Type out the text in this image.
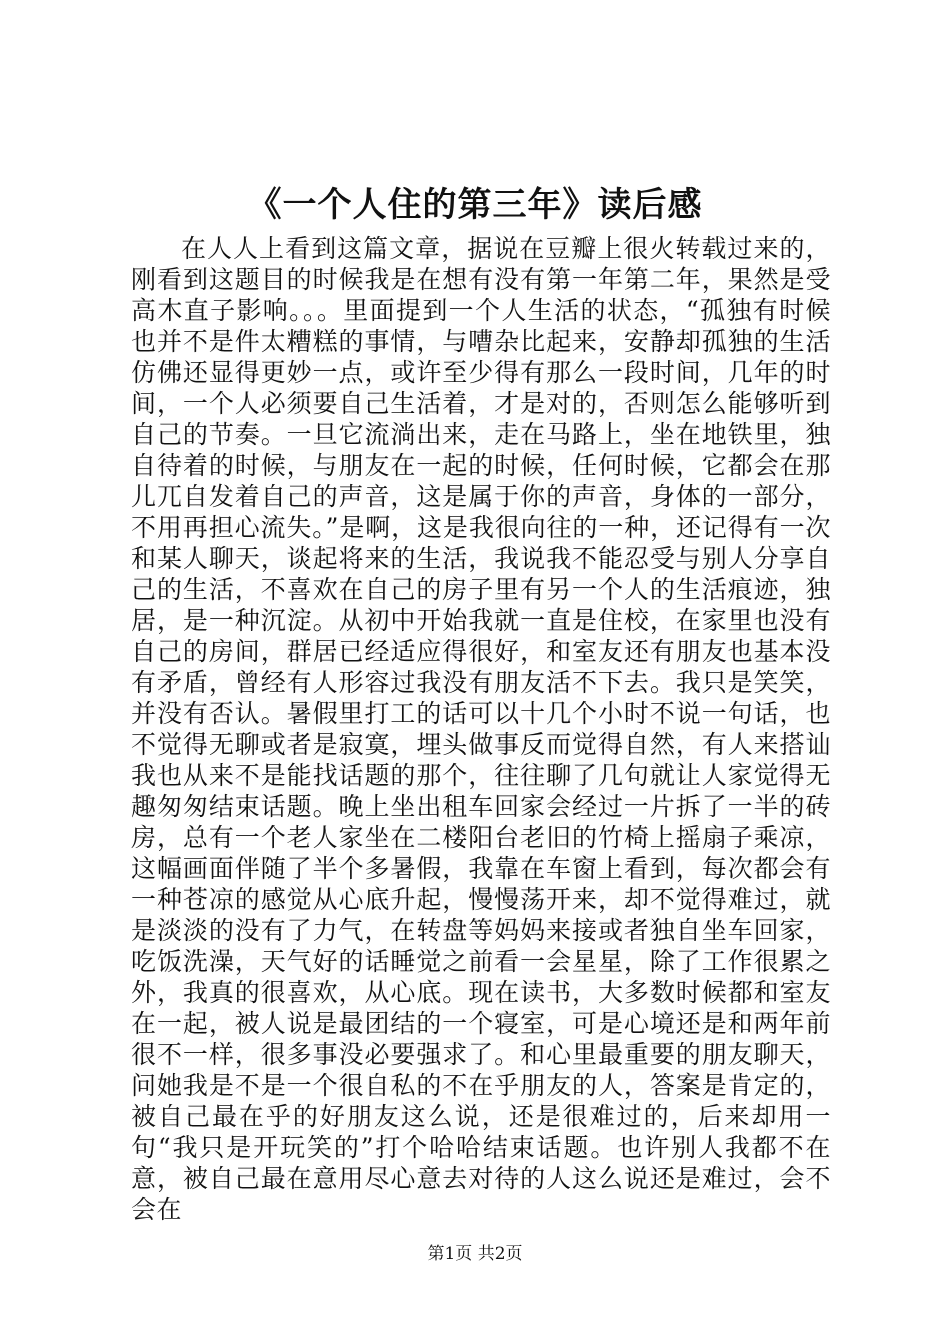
《一个人住的第三年》读后感

在人人上看到这篇文章，据说在豆瓣上很火转载过来的，刚看到这题目的时候我是在想有没有第一年第二年，果然是受高木直子影响。。。里面提到一个人生活的状态，“孤独有时候也并不是件太糟糕的事情，与嘈杂比起来，安静却孤独的生活仿佛还显得更妙一点，或许至少得有那么一段时间，几年的时间，一个人必须要自己生活着，才是对的，否则怎么能够听到自己的节奏。一旦它流淌出来，走在马路上，坐在地铁里，独自待着的时候，与朋友在一起的时候，任何时候，它都会在那儿兀自发着自己的声音，这是属于你的声音，身体的一部分，不用再担心流失。”是啊，这是我很向往的一种，还记得有一次和某人聊天，谈起将来的生活，我说我不能忍受与别人分享自己的生活，不喜欢在自己的房子里有另一个人的生活痕迹，独居，是一种沉淀。从初中开始我就一直是住校，在家里也没有自己的房间，群居已经适应得很好，和室友还有朋友也基本没有矛盾，曾经有人形容过我没有朋友活不下去。我只是笑笑，并没有否认。暑假里打工的话可以十几个小时不说一句话，也不觉得无聊或者是寂寞，埋头做事反而觉得自然，有人来搭讪我也从来不是能找话题的那个，往往聊了几句就让人家觉得无趣匆匆结束话题。晚上坐出租车回家会经过一片拆了一半的砖房，总有一个老人家坐在二楼阳台老旧的竹椅上摇扇子乘凉，这幅画面伴随了半个多暑假，我靠在车窗上看到，每次都会有一种苍凉的感觉从心底升起，慢慢荡开来，却不觉得难过，就是淡淡的没有了力气，在转盘等妈妈来接或者独自坐车回家，吃饭洗澡，天气好的话睡觉之前看一会星星，除了工作很累之外，我真的很喜欢，从心底。现在读书，大多数时候都和室友在一起，被人说是最团结的一个寝室，可是心境还是和两年前很不一样，很多事没必要强求了。和心里最重要的朋友聊天，问她我是不是一个很自私的不在乎朋友的人，答案是肯定的，被自己最在乎的好朋友这么说，还是很难过的，后来却用一句“我只是开玩笑的”打个哈哈结束话题。也许别人我都不在意，被自己最在意用尽心意去对待的人这么说还是难过，会不会在

第1页 共2页
